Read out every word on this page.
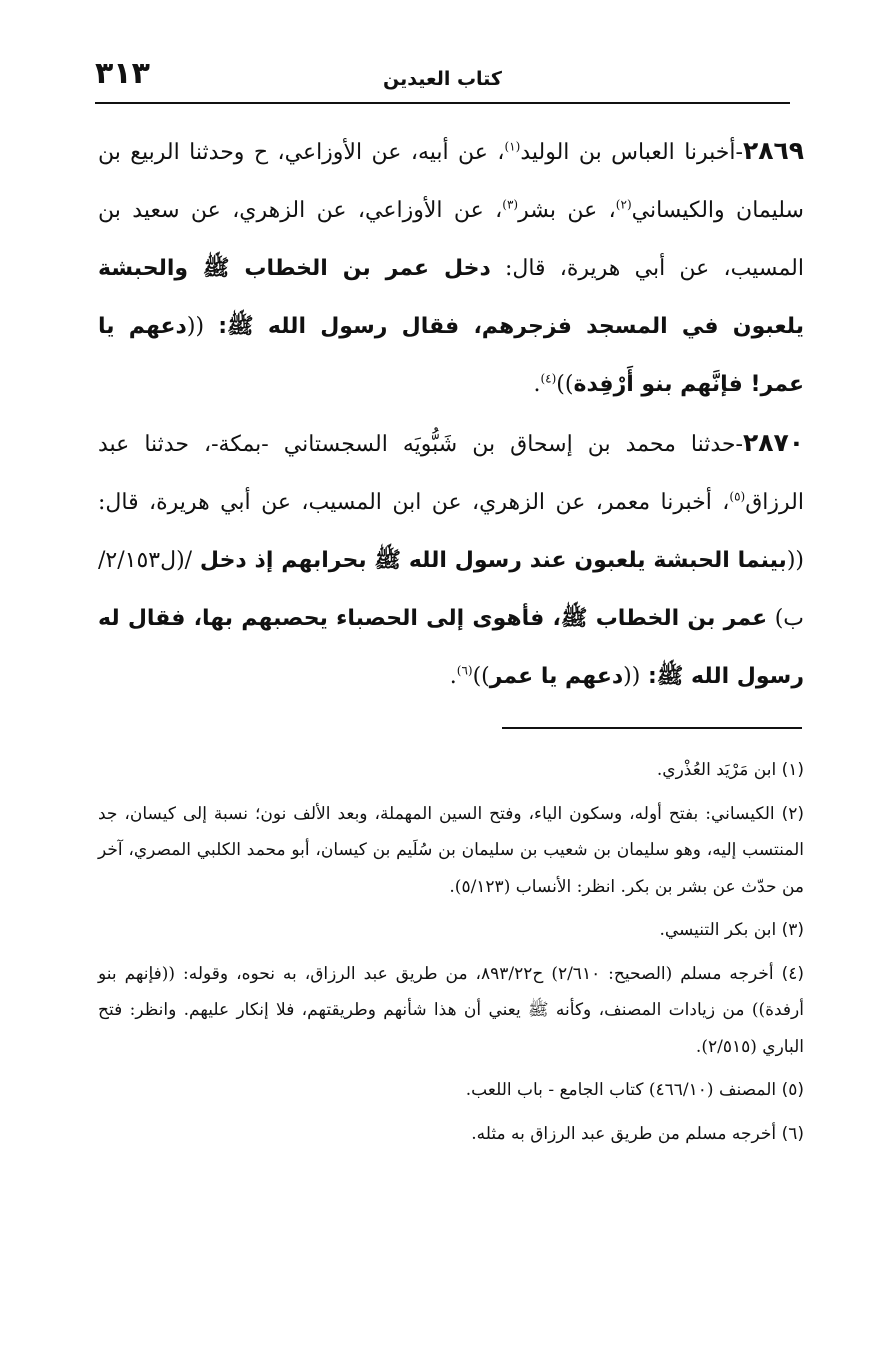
كتاب العيدين
٣١٣

٢٨٦٩-أخبرنا العباس بن الوليد$^{(١)}$، عن أبيه، عن الأوزاعي، ح وحدثنا الربيع بن سليمان والكيساني$^{(٢)}$، عن بشر$^{(٣)}$، عن الأوزاعي، عن الزهري، عن سعيد بن المسيب، عن أبي هريرة، قال: دخل عمر بن الخطاب ﷺ والحبشة يلعبون في المسجد فزجرهم، فقال رسول الله ﷺ: ((دعهم يا عمر! فإنَّهم بنو أَرْفِدة))$^{(٤)}$.

٢٨٧٠-حدثنا محمد بن إسحاق بن شَبُّويَه السجستاني -بمكة-، حدثنا عبد الرزاق$^{(٥)}$، أخبرنا معمر، عن الزهري، عن ابن المسيب، عن أبي هريرة، قال: ((بينما الحبشة يلعبون عند رسول الله ﷺ بحرابهم إذ دخل /(ل٢/١٥٣/ب) عمر بن الخطاب ﷺ، فأهوى إلى الحصباء يحصبهم بها، فقال له رسول الله ﷺ: ((دعهم يا عمر))$^{(٦)}$.

(١) ابن مَرْيَد العُذْري.

(٢) الكيساني: بفتح أوله، وسكون الياء، وفتح السين المهملة، وبعد الألف نون؛ نسبة إلى كيسان، جد المنتسب إليه، وهو سليمان بن شعيب بن سليمان بن سُلَيم بن كيسان، أبو محمد الكلبي المصري، آخر من حدّث عن بشر بن بكر. انظر: الأنساب (٥/١٢٣).

(٣) ابن بكر التنيسي.

(٤) أخرجه مسلم (الصحيح: ٢/٦١٠) ح٨٩٣/٢٢، من طريق عبد الرزاق، به نحوه، وقوله: ((فإنهم بنو أرفدة)) من زيادات المصنف، وكأنه ﷺ يعني أن هذا شأنهم وطريقتهم، فلا إنكار عليهم. وانظر: فتح الباري (٢/٥١٥).

(٥) المصنف (٤٦٦/١٠) كتاب الجامع - باب اللعب.

(٦) أخرجه مسلم من طريق عبد الرزاق به مثله.
